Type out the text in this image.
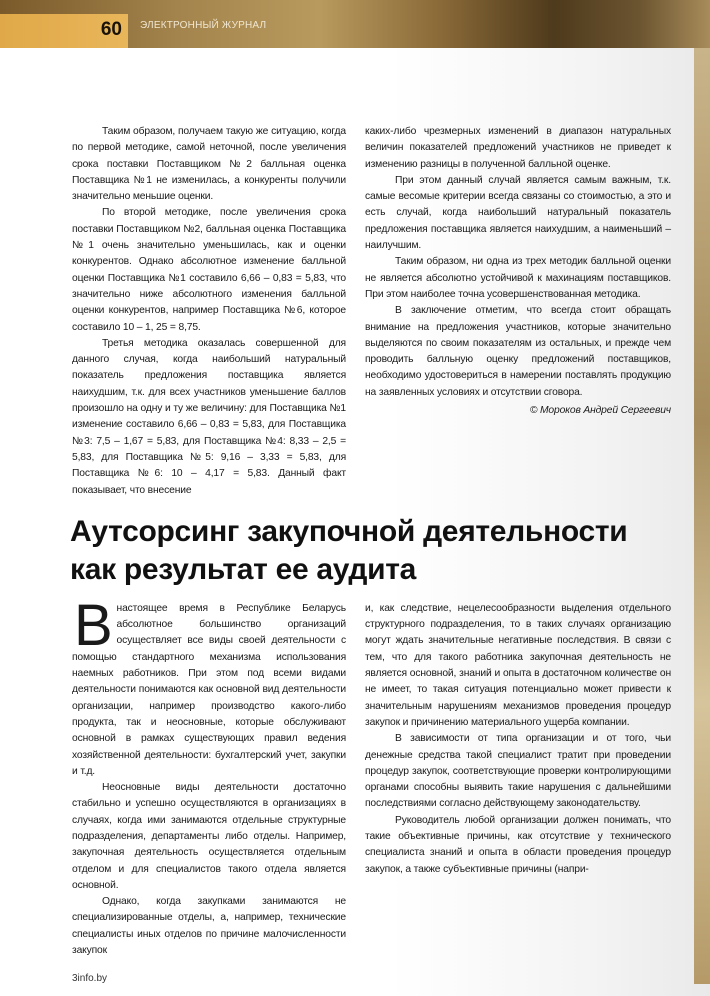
60 ЭЛЕКТРОННЫЙ ЖУРНАЛ

Таким образом, получаем такую же ситуацию, когда по первой методике, самой неточной, после увеличения срока поставки Поставщиком №2 балльная оценка Поставщика №1 не изменилась, а конкуренты получили значительно меньшие оценки.

По второй методике, после увеличения срока поставки Поставщиком №2, балльная оценка Поставщика №1 очень значительно уменьшилась, как и оценки конкурентов. Однако абсолютное изменение балльной оценки Поставщика №1 составило 6,66 – 0,83 = 5,83, что значительно ниже абсолютного изменения балльной оценки конкурентов, например Поставщика №6, которое составило 10 – 1, 25 = 8,75.

Третья методика оказалась совершенной для данного случая, когда наибольший натуральный показатель предложения поставщика является наихудшим, т.к. для всех участников уменьшение баллов произошло на одну и ту же величину: для Поставщика №1 изменение составило 6,66 – 0,83 = 5,83, для Поставщика №3: 7,5 – 1,67 = 5,83, для Поставщика №4: 8,33 – 2,5 = 5,83, для Поставщика №5: 9,16 – 3,33 = 5,83, для Поставщика №6: 10 – 4,17 = 5,83. Данный факт показывает, что внесение

каких-либо чрезмерных изменений в диапазон натуральных величин показателей предложений участников не приведет к изменению разницы в полученной балльной оценке.

При этом данный случай является самым важным, т.к. самые весомые критерии всегда связаны со стоимостью, а это и есть случай, когда наибольший натуральный показатель предложения поставщика является наихудшим, а наименьший – наилучшим.

Таким образом, ни одна из трех методик балльной оценки не является абсолютно устойчивой к махинациям поставщиков. При этом наиболее точна усовершенствованная методика.

В заключение отметим, что всегда стоит обращать внимание на предложения участников, которые значительно выделяются по своим показателям из остальных, и прежде чем проводить балльную оценку предложений поставщиков, необходимо удостовериться в намерении поставлять продукцию на заявленных условиях и отсутствии сговора.

© Мороков Андрей Сергеевич

Аутсорсинг закупочной деятельности как результат ее аудита

Внастоящее время в Республике Беларусь абсолютное большинство организаций осуществляет все виды своей деятельности с помощью стандартного механизма использования наемных работников. При этом под всеми видами деятельности понимаются как основной вид деятельности организации, например производство какого-либо продукта, так и неосновные, которые обслуживают основной в рамках существующих правил ведения хозяйственной деятельности: бухгалтерский учет, закупки и т.д.

Неосновные виды деятельности достаточно стабильно и успешно осуществляются в организациях в случаях, когда ими занимаются отдельные структурные подразделения, департаменты либо отделы. Например, закупочная деятельность осуществляется отдельным отделом и для специалистов такого отдела является основной.

Однако, когда закупками занимаются не специализированные отделы, а, например, технические специалисты иных отделов по причине малочисленности закупок

и, как следствие, нецелесообразности выделения отдельного структурного подразделения, то в таких случаях организацию могут ждать значительные негативные последствия. В связи с тем, что для такого работника закупочная деятельность не является основной, знаний и опыта в достаточном количестве он не имеет, то такая ситуация потенциально может привести к значительным нарушениям механизмов проведения процедур закупок и причинению материального ущерба компании.

В зависимости от типа организации и от того, чьи денежные средства такой специалист тратит при проведении процедур закупок, соответствующие проверки контролирующими органами способны выявить такие нарушения с дальнейшими последствиями согласно действующему законодательству.

Руководитель любой организации должен понимать, что такие объективные причины, как отсутствие у технического специалиста знаний и опыта в области проведения процедур закупок, а также субъективные причины (напри-

3info.by
